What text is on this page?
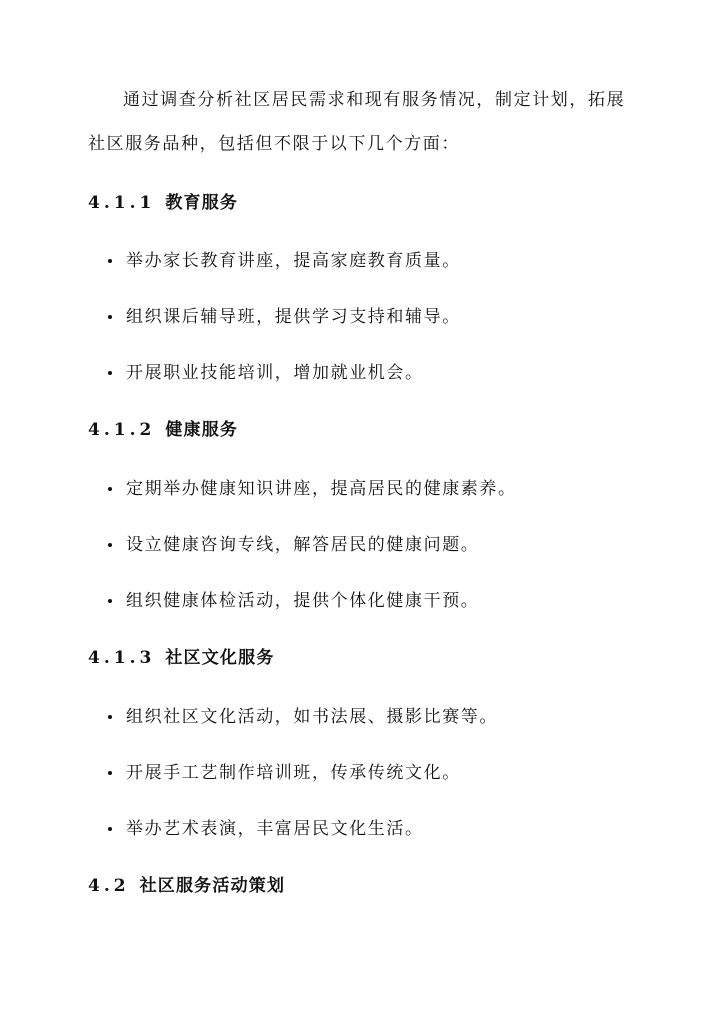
通过调查分析社区居民需求和现有服务情况，制定计划，拓展
社区服务品种，包括但不限于以下几个方面：

4.1.1 教育服务

举办家长教育讲座，提高家庭教育质量。

组织课后辅导班，提供学习支持和辅导。

开展职业技能培训，增加就业机会。

4.1.2 健康服务

定期举办健康知识讲座，提高居民的健康素养。

设立健康咨询专线，解答居民的健康问题。

组织健康体检活动，提供个体化健康干预。

4.1.3 社区文化服务

组织社区文化活动，如书法展、摄影比赛等。

开展手工艺制作培训班，传承传统文化。

举办艺术表演，丰富居民文化生活。

4.2 社区服务活动策划
